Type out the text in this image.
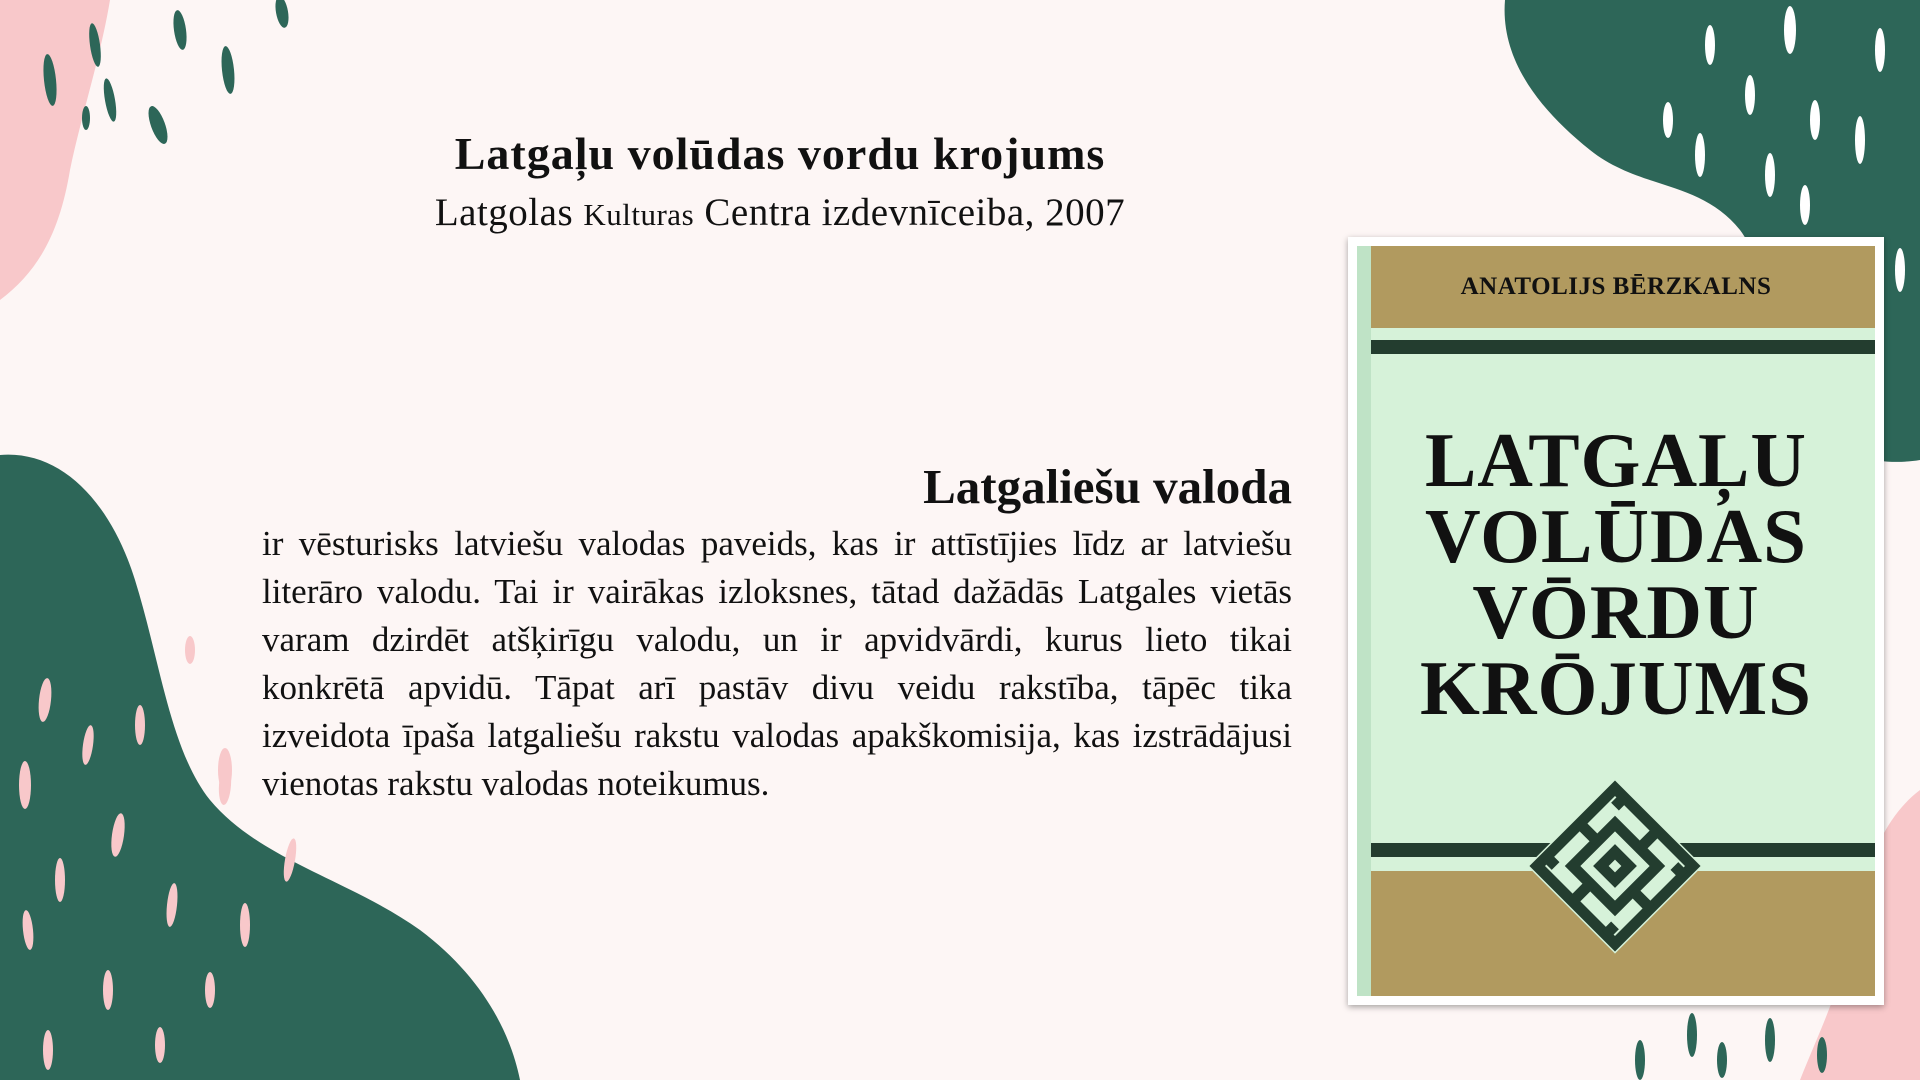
Latgaļu volūdas vordu krojums

Latgolas Kulturas Centra izdevnīceiba, 2007

Latgaliešu valoda

ir vēsturisks latviešu valodas paveids, kas ir attīstījies līdz ar latviešu literāro valodu. Tai ir vairākas izloksnes, tātad dažādās Latgales vietās varam dzirdēt atšķirīgu valodu, un ir apvidvārdi, kurus lieto tikai konkrētā apvidū. Tāpat arī pastāv divu veidu rakstība, tāpēc tika izveidota īpaša latgaliešu rakstu valodas apakškomisija, kas izstrādājusi vienotas rakstu valodas noteikumus.

ANATOLIJS BĒRZKALNS
LATGAĻU
VOLŪDAS
VŌRDU
KRŌJUMS
